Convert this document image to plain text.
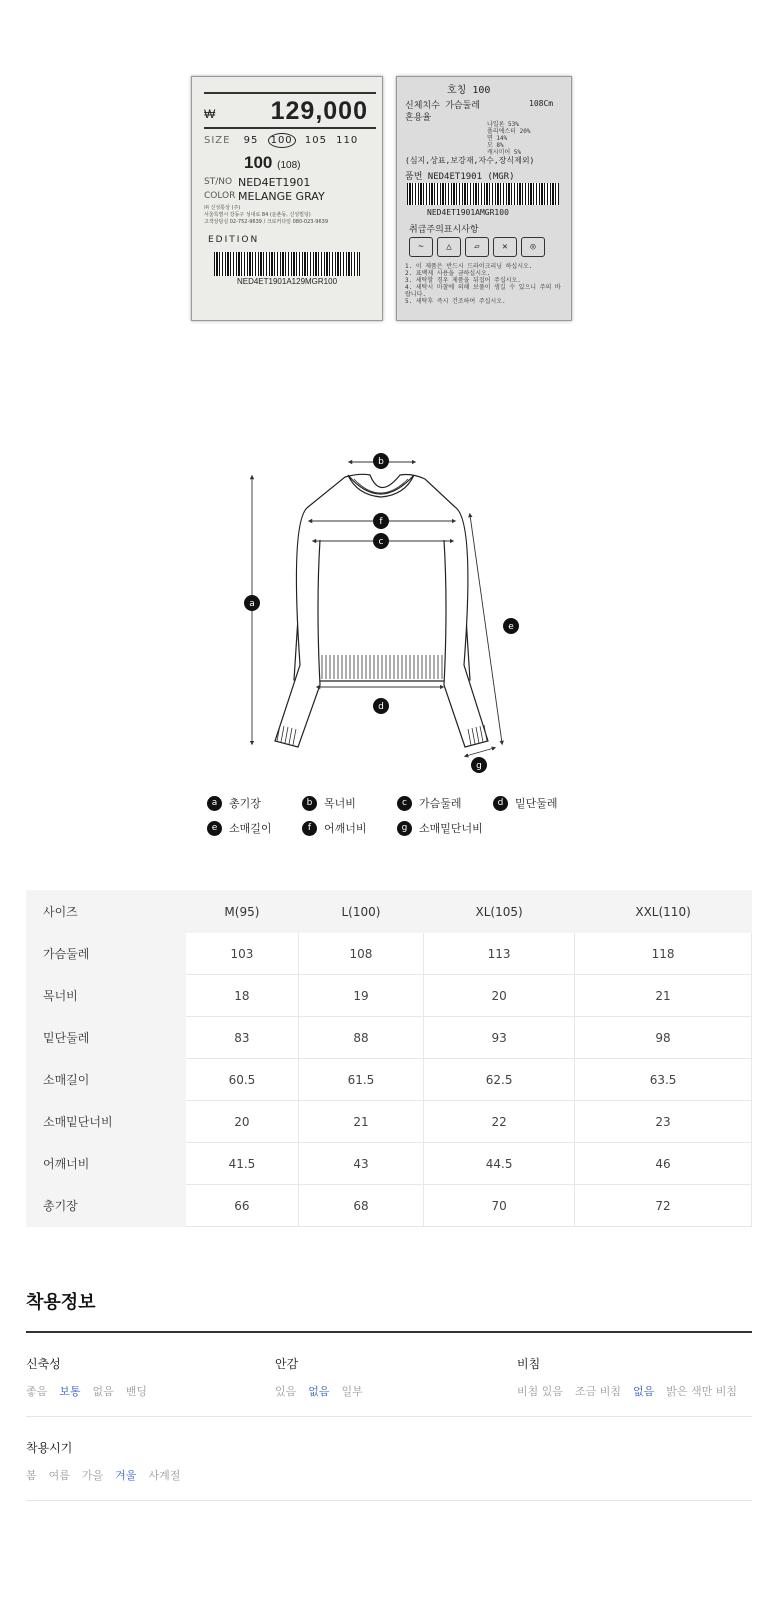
₩ 129,000
SIZE 95 100 105 110
100 (108)
ST/NO NED4ET1901
COLOR MELANGE GRAY
㈜ 신성통상 (주)
서울특별시 강동구 성내로 84 (둔촌동, 신성빌딩)
고객상담실 02-752-9639 / 크로커다일 080-023-9639
EDITION
NED4ET1901A129MGR100
호칭 100
신체치수 가슴둘레	108Cm
혼용율
나일론 53%
폴리에스터 20%
면 14%
모 8%
캐시미어 5%
(심지,상표,보강재,자수,장식제외)
품번 NED4ET1901 (MGR)
NED4ET1901AMGR100
취급주의표시사항
~	△	▱	✕	◎
1. 이 제품은 반드시 드라이크리닝 하십시오.
2. 표백제 사용을 금하십시오.
3. 세탁할 경우 제품을 뒤집어 주십시오.
4. 세탁시 마찰에 의해 보풀이 생길 수 있으니 주의 바랍니다.
5. 세탁후 즉시 건조하여 주십시오.
a
b
c
d
e
f
g
a	총기장	b	목너비	c	가슴둘레	d	밑단둘레
e	소매길이	f	어깨너비	g	소매밑단너비
사이즈	M(95)	L(100)	XL(105)	XXL(110)
가슴둘레	103	108	113	118
목너비	18	19	20	21
밑단둘레	83	88	93	98
소매길이	60.5	61.5	62.5	63.5
소매밑단너비	20	21	22	23
어깨너비	41.5	43	44.5	46
총기장	66	68	70	72
착용정보
신축성
좋음 보통 없음 밴딩
안감
있음 없음 일부
비침
비침 있음 조금 비침 없음 밝은 색만 비침
착용시기
봄 여름 가을 겨울 사계절
